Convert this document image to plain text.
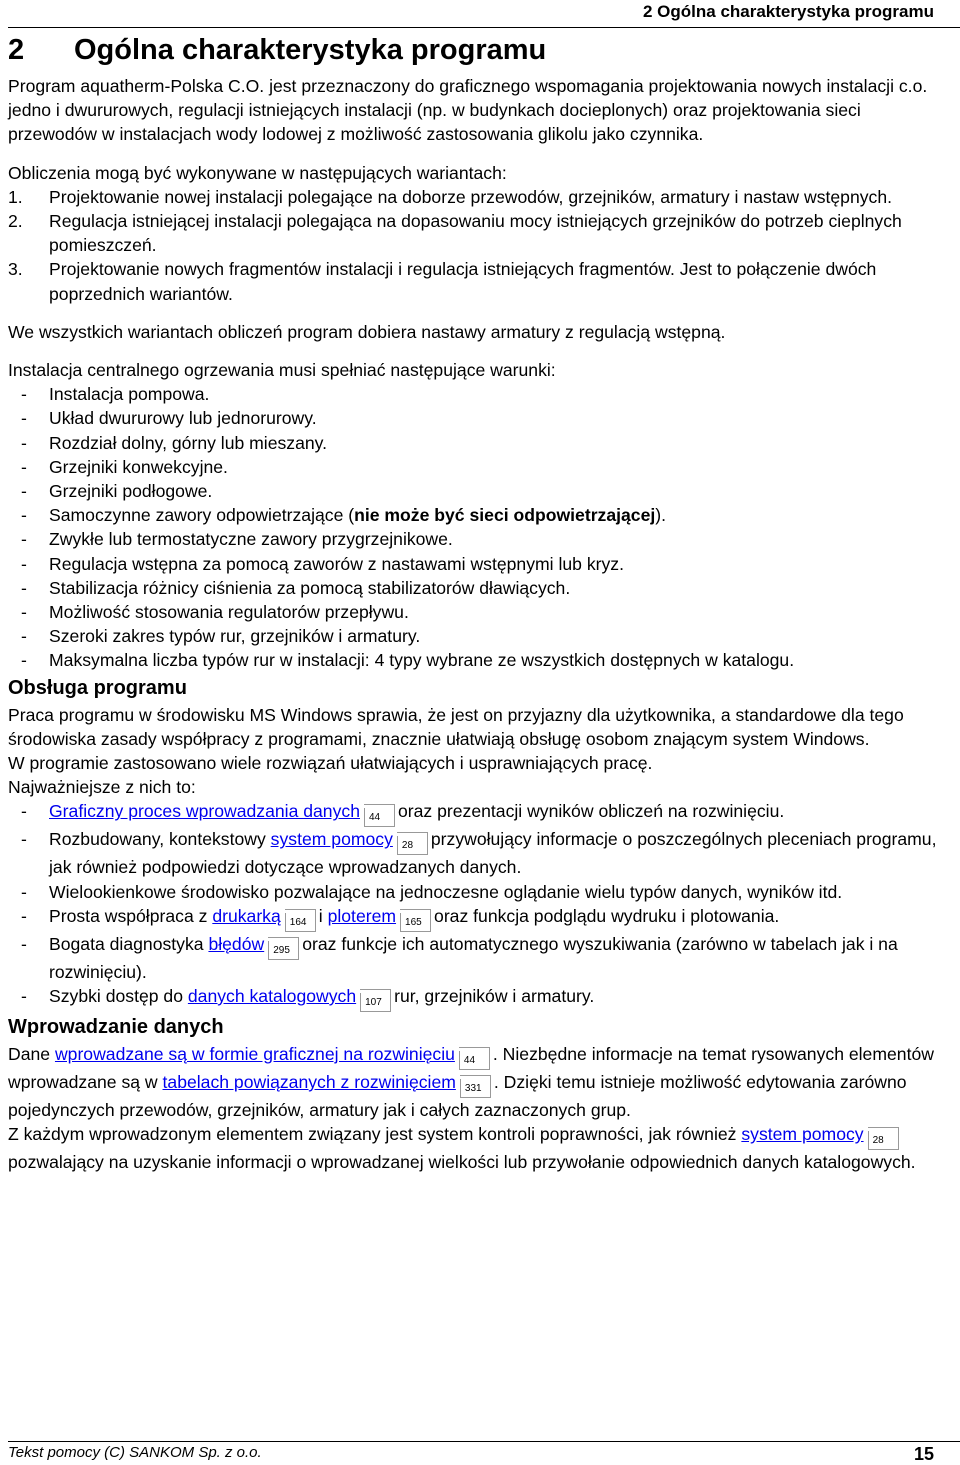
2 Ogólna charakterystyka programu
2 Ogólna charakterystyka programu

Program aquatherm-Polska C.O. jest przeznaczony do graficznego wspomagania projektowania nowych instalacji c.o. jedno i dwururowych, regulacji istniejących instalacji (np. w budynkach docieplonych) oraz projektowania sieci przewodów w instalacjach wody lodowej z możliwość zastosowania glikolu jako czynnika.

Obliczenia mogą być wykonywane w następujących wariantach:

1. Projektowanie nowej instalacji polegające na doborze przewodów, grzejników, armatury i nastaw wstępnych.
2. Regulacja istniejącej instalacji polegająca na dopasowaniu mocy istniejących grzejników do potrzeb cieplnych pomieszczeń.
3. Projektowanie nowych fragmentów instalacji i regulacja istniejących fragmentów. Jest to połączenie dwóch poprzednich wariantów.

We wszystkich wariantach obliczeń program dobiera nastawy armatury z regulacją wstępną.

Instalacja centralnego ogrzewania musi spełniać następujące warunki:

- Instalacja pompowa.
- Układ dwururowy lub jednorurowy.
- Rozdział dolny, górny lub mieszany.
- Grzejniki konwekcyjne.
- Grzejniki podłogowe.
- Samoczynne zawory odpowietrzające (nie może być sieci odpowietrzającej).
- Zwykłe lub termostatyczne zawory przygrzejnikowe.
- Regulacja wstępna za pomocą zaworów z nastawami wstępnymi lub kryz.
- Stabilizacja różnicy ciśnienia za pomocą stabilizatorów dławiących.
- Możliwość stosowania regulatorów przepływu.
- Szeroki zakres typów rur, grzejników i armatury.
- Maksymalna liczba typów rur w instalacji: 4 typy wybrane ze wszystkich dostępnych w katalogu.
Obsługa programu

Praca programu w środowisku MS Windows sprawia, że jest on przyjazny dla użytkownika, a standardowe dla tego środowiska zasady współpracy z programami, znacznie ułatwiają obsługę osobom znającym system Windows.

W programie zastosowano wiele rozwiązań ułatwiających i usprawniających pracę.

Najważniejsze z nich to:

- Graficzny proces wprowadzania danych 44 oraz prezentacji wyników obliczeń na rozwinięciu.
- Rozbudowany, kontekstowy system pomocy 28 przywołujący informacje o poszczególnych pleceniach programu, jak również podpowiedzi dotyczące wprowadzanych danych.
- Wielookienkowe środowisko pozwalające na jednoczesne oglądanie wielu typów danych, wyników itd.
- Prosta współpraca z drukarką 164 i ploterem 165 oraz funkcja podglądu wydruku i plotowania.
- Bogata diagnostyka błędów 295 oraz funkcje ich automatycznego wyszukiwania (zarówno w tabelach jak i na rozwinięciu).
- Szybki dostęp do danych katalogowych 107 rur, grzejników i armatury.
Wprowadzanie danych

Dane wprowadzane są w formie graficznej na rozwinięciu 44 . Niezbędne informacje na temat rysowanych elementów wprowadzane są w tabelach powiązanych z rozwinięciem 331 . Dzięki temu istnieje możliwość edytowania zarówno pojedynczych przewodów, grzejników, armatury jak i całych zaznaczonych grup.

Z każdym wprowadzonym elementem związany jest system kontroli poprawności, jak również system pomocy 28pozwalający na uzyskanie informacji o wprowadzanej wielkości lub przywołanie odpowiednich danych katalogowych.

Tekst pomocy (C) SANKOM Sp. z o.o.	15
